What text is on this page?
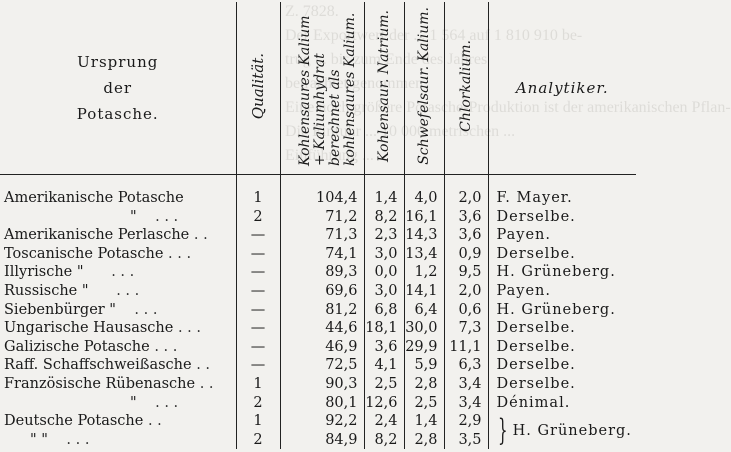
Z. 7828.
Der Exportwert der ... 1 564 auf 1 810 910 be-
trug ... bis zum Ende des Jahres
betrachtet genommen.
Eine noch größere Potasche-Produktion ist der amerikanischen Pflan-
Die Einfuhr ... 10 000 metrischen ...
Einführung ...
Ursprung
der
Potasche.	Qualität.	Kohlensaures Kalium + Kaliumhydrat berechnet als kohlensaures Kalium.	Kohlensaur. Natrium.	Schwefelsaur. Kalium.	Chlorkalium.	Analytiker.

Amerikanische Potasche	1	104,4	1,4	4,0	2,0	F. Mayer.
" . . .	2	71,2	8,2	16,1	3,6	Derselbe.
Amerikanische Perlasche . .	—	71,3	2,3	14,3	3,6	Payen.
Toscanische Potasche . . .	—	74,1	3,0	13,4	0,9	Derselbe.
Illyrische " . . .	—	89,3	0,0	1,2	9,5	H. Grüneberg.
Russische " . . .	—	69,6	3,0	14,1	2,0	Payen.
Siebenbürger " . . .	—	81,2	6,8	6,4	0,6	H. Grüneberg.
Ungarische Hausasche . . .	—	44,6	18,1	30,0	7,3	Derselbe.
Galizische Potasche . . .	—	46,9	3,6	29,9	11,1	Derselbe.
Raff. Schaffschweißasche . .	—	72,5	4,1	5,9	6,3	Derselbe.
Französische Rübenasche . .	1	90,3	2,5	2,8	3,4	Derselbe.
" . . .	2	80,1	12,6	2,5	3,4	Dénimal.
Deutsche Potasche . .	1	92,2	2,4	1,4	2,9	} H. Grüneberg.
" " . . .	2	84,9	8,2	2,8	3,5	
